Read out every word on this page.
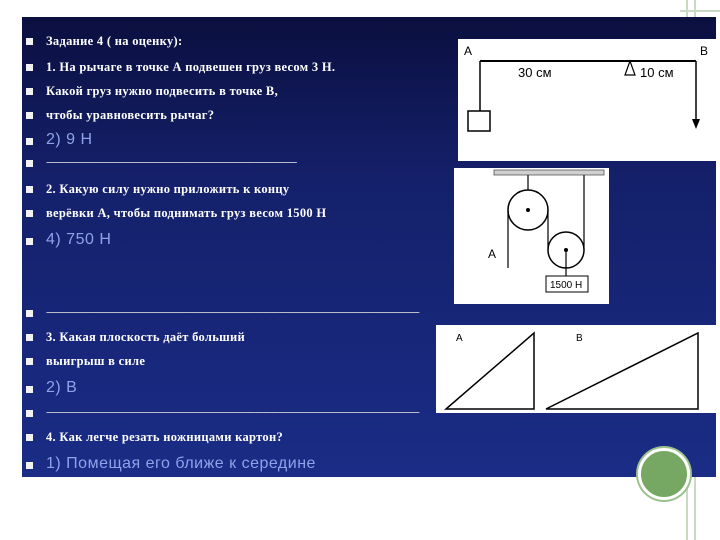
Задание 4 ( на оценку):
1. На рычаге в точке А подвешен груз весом 3 Н.
Какой груз нужно подвесить в точке В,
чтобы уравновесить рычаг?
2) 9 Н
----------------------------------------------------------------------------------------------
2. Какую силу нужно приложить к концу
верёвки А, чтобы поднимать груз весом 1500 Н
4) 750 Н
--------------------------------------------------------------------------------------------------------------------------------------------
3. Какая плоскость даёт больший
выигрыш в силе
2) В
--------------------------------------------------------------------------------------------------------------------------------------------
4. Как легче резать ножницами картон?
1) Помещая его ближе к середине
А	В
30 см	10 см
1500 Н
А
А	В
